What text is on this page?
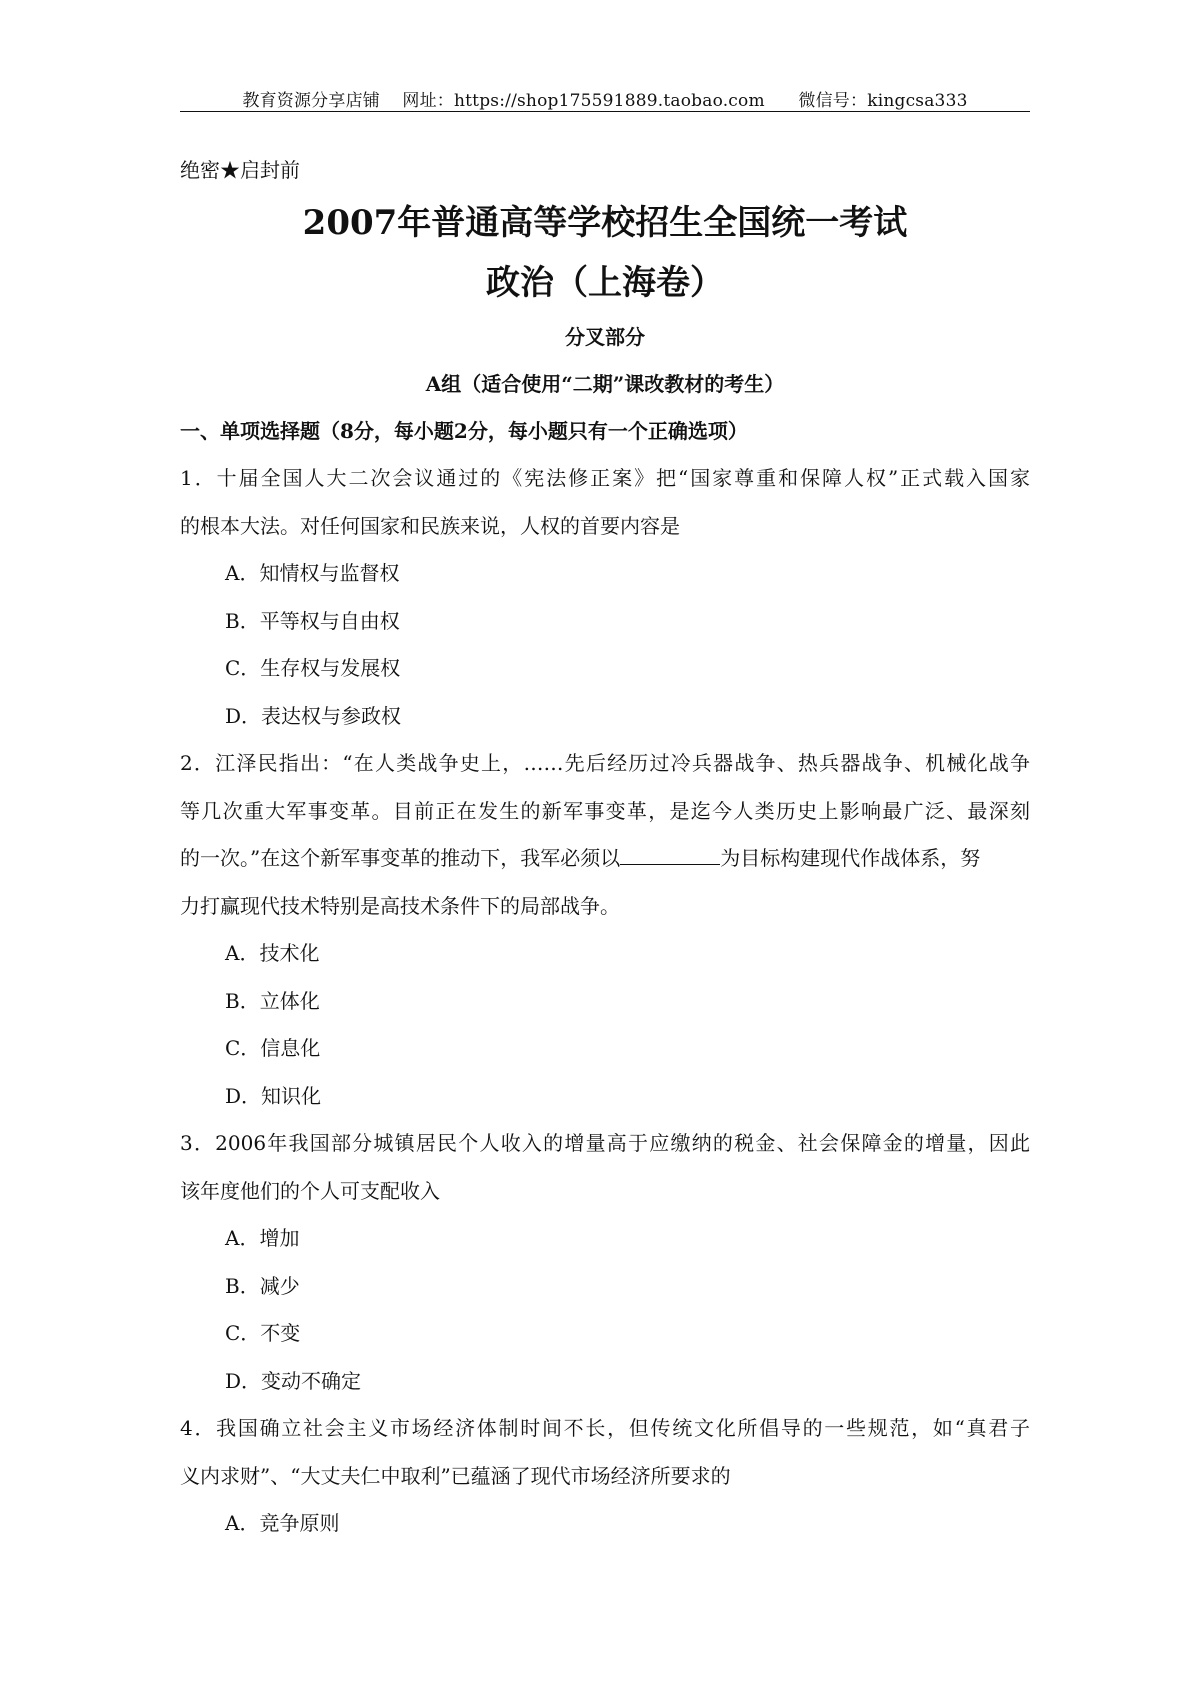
教育资源分享店铺 网址：https://shop175591889.taobao.com 微信号：kingcsa333
绝密★启封前
2007年普通高等学校招生全国统一考试
政治（上海卷）
分叉部分
A组（适合使用“二期”课改教材的考生）
一、单项选择题（8分，每小题2分，每小题只有一个正确选项）
1．十届全国人大二次会议通过的《宪法修正案》把“国家尊重和保障人权”正式载入国家
的根本大法。对任何国家和民族来说，人权的首要内容是
A．知情权与监督权
B．平等权与自由权
C．生存权与发展权
D．表达权与参政权
2．江泽民指出：“在人类战争史上，……先后经历过冷兵器战争、热兵器战争、机械化战争
等几次重大军事变革。目前正在发生的新军事变革，是迄今人类历史上影响最广泛、最深刻
的一次。”在这个新军事变革的推动下，我军必须以	为目标构建现代作战体系，努
力打赢现代技术特别是高技术条件下的局部战争。
A．技术化
B．立体化
C．信息化
D．知识化
3．2006年我国部分城镇居民个人收入的增量高于应缴纳的税金、社会保障金的增量，因此
该年度他们的个人可支配收入
A．增加
B．减少
C．不变
D．变动不确定
4．我国确立社会主义市场经济体制时间不长，但传统文化所倡导的一些规范，如“真君子
义内求财”、“大丈夫仁中取利”已蕴涵了现代市场经济所要求的
A．竞争原则
